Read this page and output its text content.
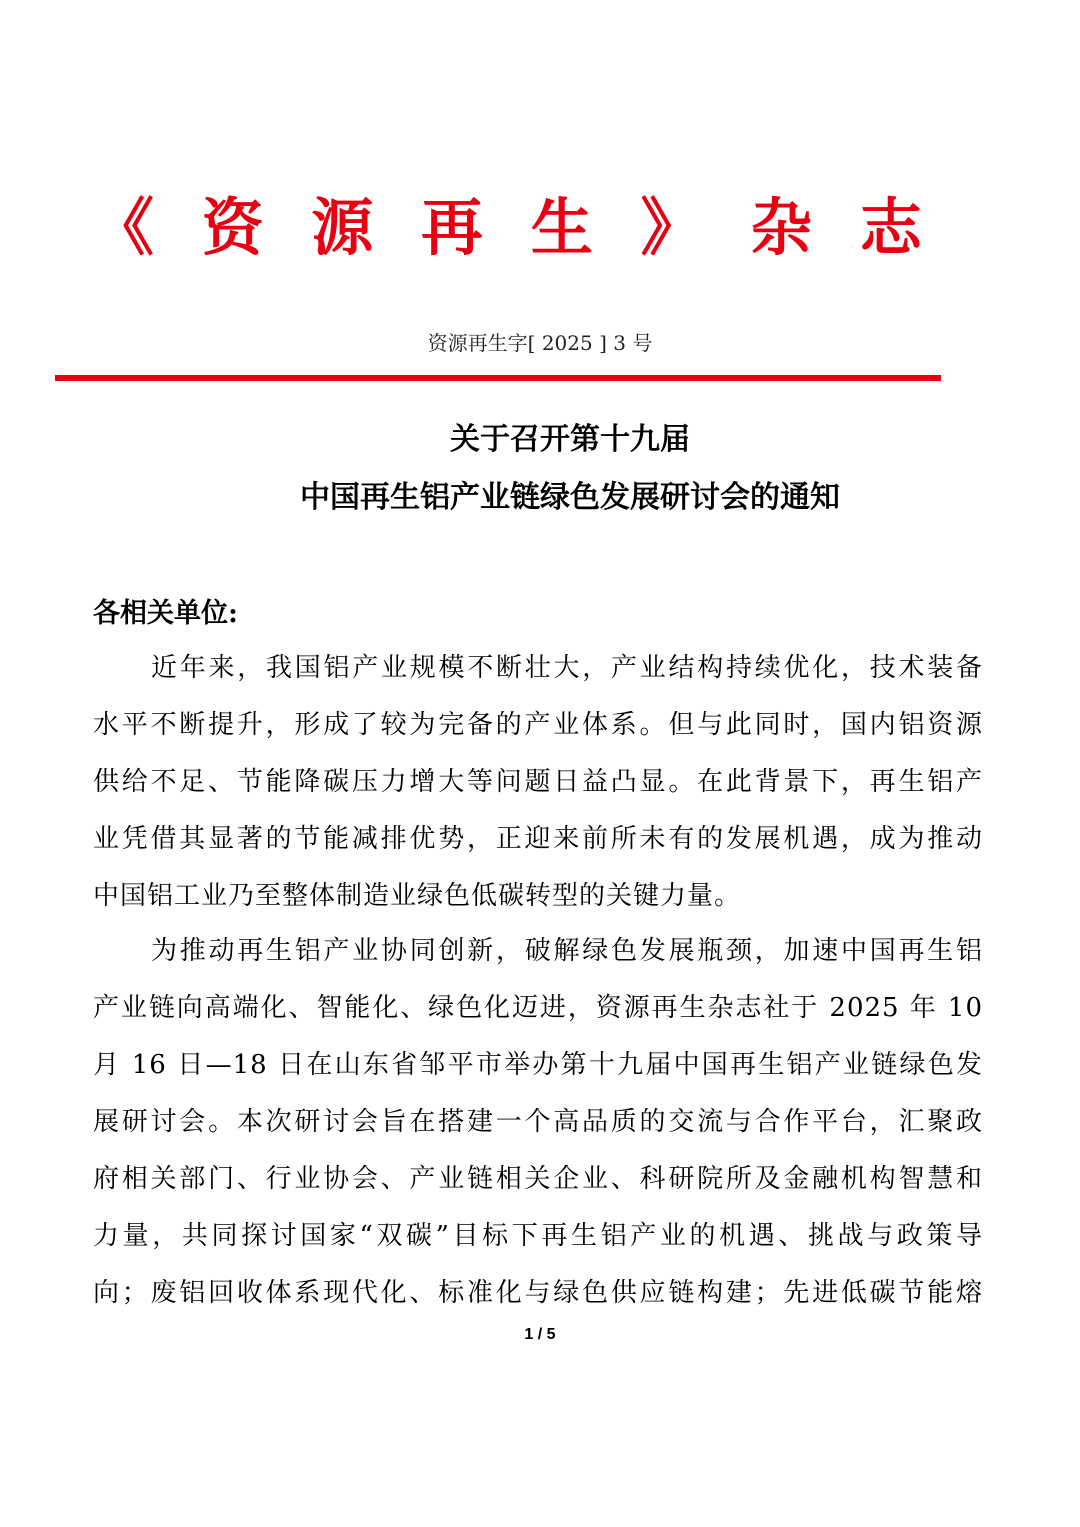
《 资 源 再 生 》 杂 志
资源再生字[ 2025 ] 3 号
关于召开第十九届
中国再生铝产业链绿色发展研讨会的通知

各相关单位:

近年来，我国铝产业规模不断壮大，产业结构持续优化，技术装备
水平不断提升，形成了较为完备的产业体系。但与此同时，国内铝资源
供给不足、节能降碳压力增大等问题日益凸显。在此背景下，再生铝产
业凭借其显著的节能减排优势，正迎来前所未有的发展机遇，成为推动
中国铝工业乃至整体制造业绿色低碳转型的关键力量。
为推动再生铝产业协同创新，破解绿色发展瓶颈，加速中国再生铝
产业链向高端化、智能化、绿色化迈进，资源再生杂志社于 2025 年 10
月 16 日—18 日在山东省邹平市举办第十九届中国再生铝产业链绿色发
展研讨会。本次研讨会旨在搭建一个高品质的交流与合作平台，汇聚政
府相关部门、行业协会、产业链相关企业、科研院所及金融机构智慧和
力量，共同探讨国家“双碳”目标下再生铝产业的机遇、挑战与政策导
向；废铝回收体系现代化、标准化与绿色供应链构建；先进低碳节能熔
1 / 5
